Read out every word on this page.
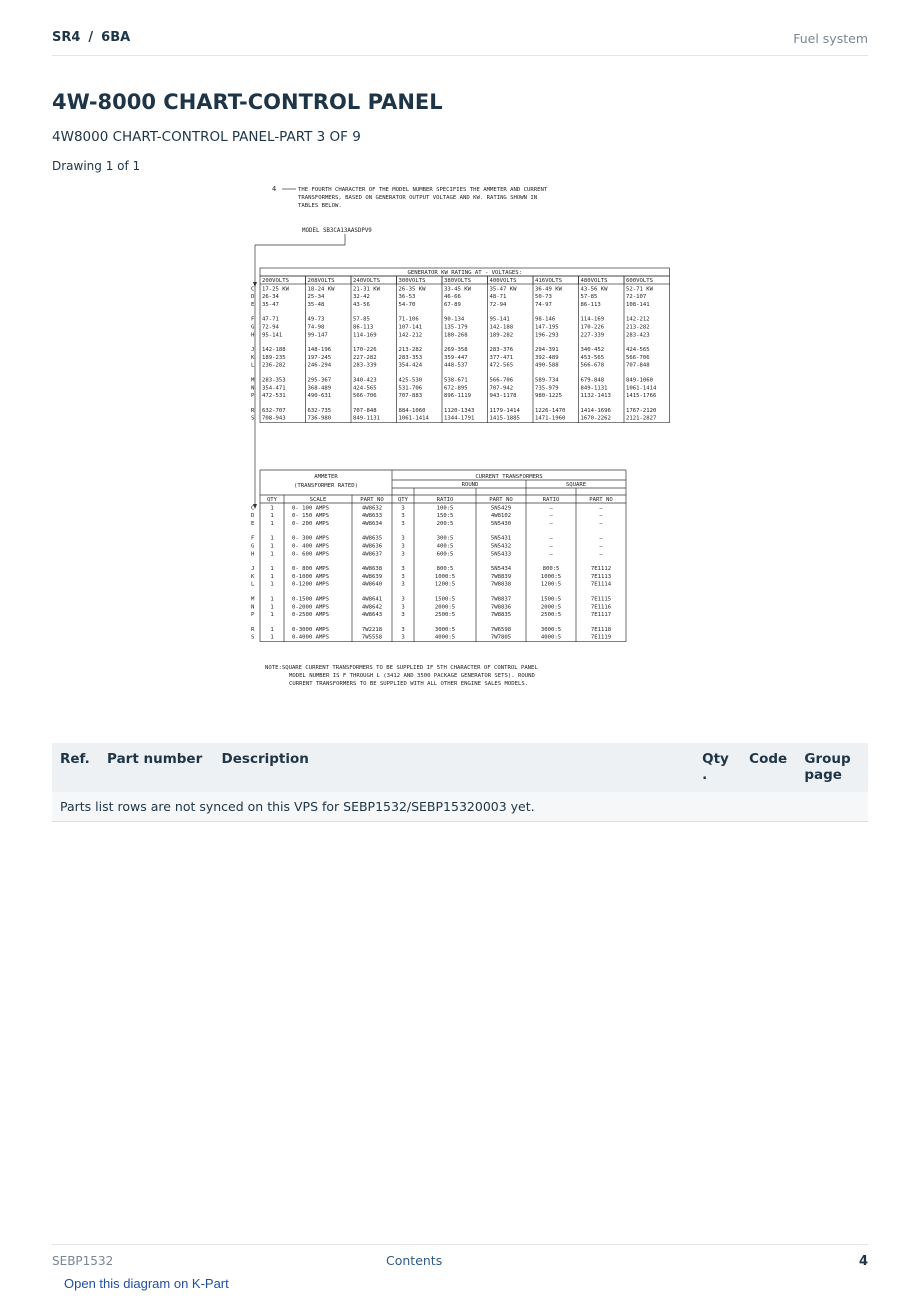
SR4 / 6BA	Fuel system
4W-8000 CHART-CONTROL PANEL
4W8000 CHART-CONTROL PANEL-PART 3 OF 9
Drawing 1 of 1
4	THE FOURTH CHARACTER OF THE MODEL NUMBER SPECIFIES THE AMMETER AND CURRENT
TRANSFORMERS, BASED ON GENERATOR OUTPUT VOLTAGE AND KW. RATING SHOWN IN
TABLES BELOW.
MODEL SB3CA13AASDPV9
GENERATOR KW RATING AT - VOLTAGES:
200VOLTS	208VOLTS	240VOLTS	300VOLTS	380VOLTS	400VOLTS	416VOLTS	480VOLTS	600VOLTS
C 17-25 KW	18-24 KW	21-31 KW	26-35 KW	33-45 KW	35-47 KW	36-49 KW	43-56 KW	52-71 KW
D 26-34	25-34	32-42	36-53	46-66	48-71	50-73	57-85	72-107
E 35-47	35-48	43-56	54-70	67-89	72-94	74-97	86-113	108-141
F 47-71	49-73	57-85	71-106	90-134	95-141	98-146	114-169	142-212
G 72-94	74-98	86-113	107-141	135-179	142-188	147-195	170-226	213-282
H 95-141	99-147	114-169	142-212	180-268	189-282	196-293	227-339	283-423
J 142-188	148-196	170-226	213-282	269-358	283-376	294-391	340-452	424-565
K 189-235	197-245	227-282	283-353	359-447	377-471	392-489	453-565	566-706
L 236-282	246-294	283-339	354-424	448-537	472-565	490-588	566-678	707-848
M 283-353	295-367	340-423	425-530	538-671	566-706	589-734	679-848	849-1060
N 354-471	368-489	424-565	531-706	672-895	707-942	735-979	849-1131	1061-1414
P 472-531	490-631	566-706	707-883	896-1119	943-1178	980-1225	1132-1413	1415-1766
R 632-707	632-735	707-848	884-1060	1120-1343	1179-1414	1226-1470	1414-1696	1767-2120
S 708-943	736-980	849-1131	1061-1414	1344-1791	1415-1885	1471-1960	1670-2262	2121-2827
AMMETER
(TRANSFORMER RATED)
CURRENT TRANSFORMERS
ROUND	SQUARE
QTY	SCALE	PART NO	QTY	RATIO	PART NO	RATIO	PART NO
C	1	0- 100 AMPS	4W8632	3	100:5	5N5429	—	—
D	1	0- 150 AMPS	4W8633	3	150:5	4W8102	—	—
E	1	0- 200 AMPS	4W8634	3	200:5	5N5430	—	—
F	1	0- 300 AMPS	4W8635	3	300:5	5N5431	—	—
G	1	0- 400 AMPS	4W8636	3	400:5	5N5432	—	—
H	1	0- 600 AMPS	4W8637	3	600:5	5N5433	—	—
J	1	0- 800 AMPS	4W8638	3	800:5	5N5434	800:5	7E1112
K	1	0-1000 AMPS	4W8639	3	1000:5	7W8839	1000:5	7E1113
L	1	0-1200 AMPS	4W8640	3	1200:5	7W8838	1200:5	7E1114
M	1	0-1500 AMPS	4W8641	3	1500:5	7W8837	1500:5	7E1115
N	1	0-2000 AMPS	4W8642	3	2000:5	7W8836	2000:5	7E1116
P	1	0-2500 AMPS	4W8643	3	2500:5	7W8835	2500:5	7E1117
R	1	0-3000 AMPS	7W2218	3	3000:5	7W6598	3000:5	7E1118
S	1	0-4000 AMPS	7W5558	3	4000:5	7W7805	4000:5	7E1119
NOTE:SQUARE CURRENT TRANSFORMERS TO BE SUPPLIED IF 5TH CHARACTER OF CONTROL PANEL
MODEL NUMBER IS F THROUGH L (3412 AND 3500 PACKAGE GENERATOR SETS). ROUND
CURRENT TRANSFORMERS TO BE SUPPLIED WITH ALL OTHER ENGINE SALES MODELS.
Ref.	Part number	Description	Qty
.	Code	Group page
Parts list rows are not synced on this VPS for SEBP1532/SEBP15320003 yet.
SEBP1532	Contents	4
Open this diagram on K-Part
